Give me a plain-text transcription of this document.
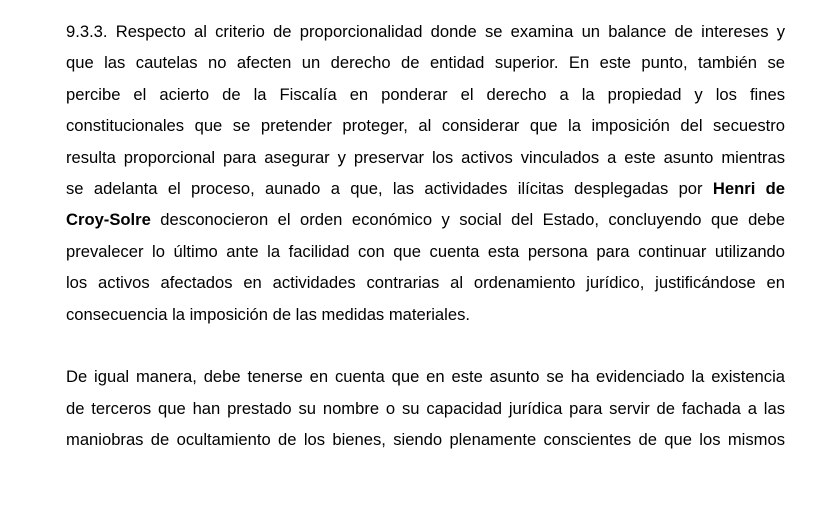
9.3.3. Respecto al criterio de proporcionalidad donde se examina un balance de intereses y
que las cautelas no afecten un derecho de entidad superior. En este punto, también se
percibe el acierto de la Fiscalía en ponderar el derecho a la propiedad y los fines
constitucionales que se pretender proteger, al considerar que la imposición del secuestro
resulta proporcional para asegurar y preservar los activos vinculados a este asunto mientras
se adelanta el proceso, aunado a que, las actividades ilícitas desplegadas por Henri de
Croy-Solre desconocieron el orden económico y social del Estado, concluyendo que debe
prevalecer lo último ante la facilidad con que cuenta esta persona para continuar utilizando
los activos afectados en actividades contrarias al ordenamiento jurídico, justificándose en
consecuencia la imposición de las medidas materiales.
De igual manera, debe tenerse en cuenta que en este asunto se ha evidenciado la existencia
de terceros que han prestado su nombre o su capacidad jurídica para servir de fachada a las
maniobras de ocultamiento de los bienes, siendo plenamente conscientes de que los mismos
